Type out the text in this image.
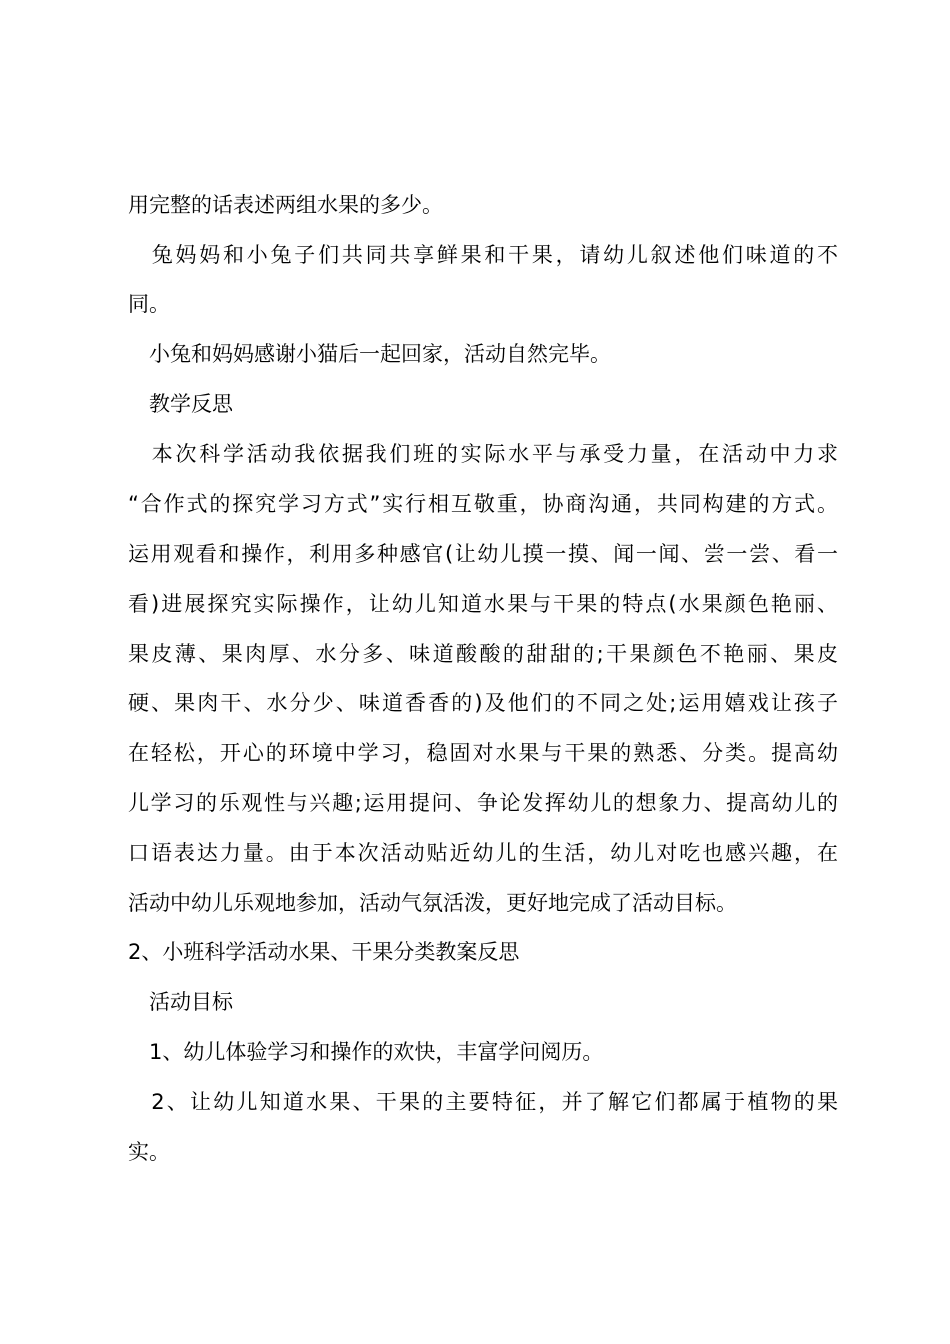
用完整的话表述两组水果的多少。
　兔妈妈和小兔子们共同共享鲜果和干果，请幼儿叙述他们味道的不
同。
　小兔和妈妈感谢小猫后一起回家，活动自然完毕。
　教学反思
　本次科学活动我依据我们班的实际水平与承受力量，在活动中力求
“合作式的探究学习方式”实行相互敬重，协商沟通，共同构建的方式。
运用观看和操作，利用多种感官(让幼儿摸一摸、闻一闻、尝一尝、看一
看)进展探究实际操作，让幼儿知道水果与干果的特点(水果颜色艳丽、
果皮薄、果肉厚、水分多、味道酸酸的甜甜的;干果颜色不艳丽、果皮
硬、果肉干、水分少、味道香香的)及他们的不同之处;运用嬉戏让孩子
在轻松，开心的环境中学习，稳固对水果与干果的熟悉、分类。提高幼
儿学习的乐观性与兴趣;运用提问、争论发挥幼儿的想象力、提高幼儿的
口语表达力量。由于本次活动贴近幼儿的生活，幼儿对吃也感兴趣，在
活动中幼儿乐观地参加，活动气氛活泼，更好地完成了活动目标。
2、小班科学活动水果、干果分类教案反思
　活动目标
　1、幼儿体验学习和操作的欢快，丰富学问阅历。
　2、让幼儿知道水果、干果的主要特征，并了解它们都属于植物的果
实。
